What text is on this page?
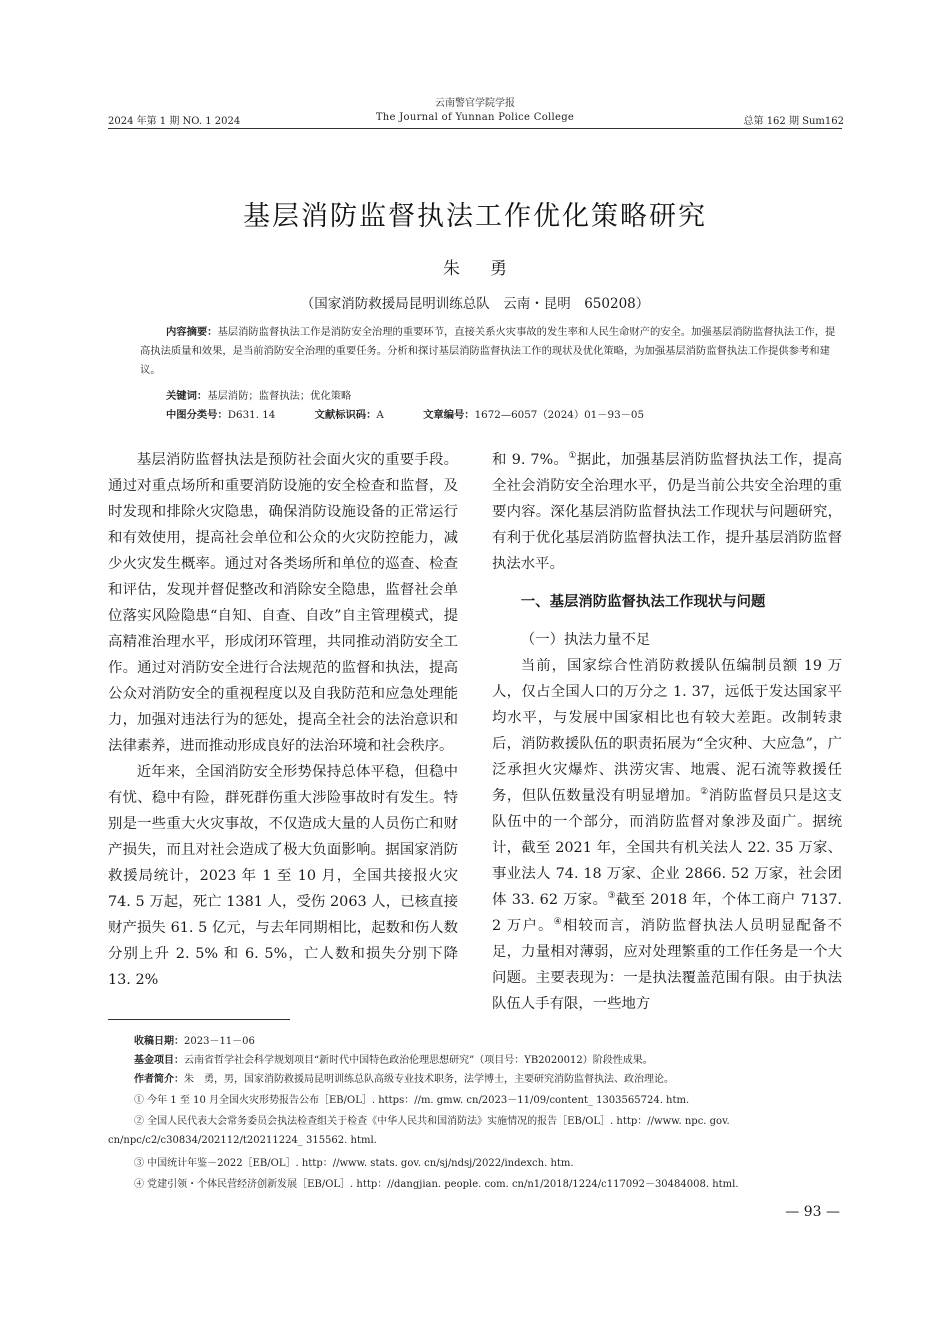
云南警官学院学报
The Journal of Yunnan Police College
2024 年第 1 期 NO. 1 2024	总第 162 期 Sum162
基层消防监督执法工作优化策略研究
朱勇
（国家消防救援局昆明训练总队　云南・昆明　650208）

内容摘要：基层消防监督执法工作是消防安全治理的重要环节，直接关系火灾事故的发生率和人民生命财产的安全。加强基层消防监督执法工作，提高执法质量和效果，是当前消防安全治理的重要任务。分析和探讨基层消防监督执法工作的现状及优化策略，为加强基层消防监督执法工作提供参考和建议。

关键词：基层消防；监督执法；优化策略
中图分类号：D631. 14	文献标识码：A	文章编号：1672—6057（2024）01－93－05

基层消防监督执法是预防社会面火灾的重要手段。通过对重点场所和重要消防设施的安全检查和监督，及时发现和排除火灾隐患，确保消防设施设备的正常运行和有效使用，提高社会单位和公众的火灾防控能力，减少火灾发生概率。通过对各类场所和单位的巡查、检查和评估，发现并督促整改和消除安全隐患，监督社会单位落实风险隐患“自知、自查、自改”自主管理模式，提高精准治理水平，形成闭环管理，共同推动消防安全工作。通过对消防安全进行合法规范的监督和执法，提高公众对消防安全的重视程度以及自我防范和应急处理能力，加强对违法行为的惩处，提高全社会的法治意识和法律素养，进而推动形成良好的法治环境和社会秩序。

近年来，全国消防安全形势保持总体平稳，但稳中有忧、稳中有险，群死群伤重大涉险事故时有发生。特别是一些重大火灾事故，不仅造成大量的人员伤亡和财产损失，而且对社会造成了极大负面影响。据国家消防救援局统计，2023 年 1 至 10 月，全国共接报火灾 74. 5 万起，死亡 1381 人，受伤 2063 人，已核直接财产损失 61. 5 亿元，与去年同期相比，起数和伤人数分别上升 2. 5% 和 6. 5%，亡人数和损失分别下降 13. 2%

和 9. 7%。①据此，加强基层消防监督执法工作，提高全社会消防安全治理水平，仍是当前公共安全治理的重要内容。深化基层消防监督执法工作现状与问题研究，有利于优化基层消防监督执法工作，提升基层消防监督执法水平。

一、基层消防监督执法工作现状与问题
（一）执法力量不足

当前，国家综合性消防救援队伍编制员额 19 万人，仅占全国人口的万分之 1. 37，远低于发达国家平均水平，与发展中国家相比也有较大差距。改制转隶后，消防救援队伍的职责拓展为“全灾种、大应急”，广泛承担火灾爆炸、洪涝灾害、地震、泥石流等救援任务，但队伍数量没有明显增加。②消防监督员只是这支队伍中的一个部分，而消防监督对象涉及面广。据统计，截至 2021 年，全国共有机关法人 22. 35 万家、事业法人 74. 18 万家、企业 2866. 52 万家，社会团体 33. 62 万家。③截至 2018 年，个体工商户 7137. 2 万户。④相较而言，消防监督执法人员明显配备不足，力量相对薄弱，应对处理繁重的工作任务是一个大问题。主要表现为：一是执法覆盖范围有限。由于执法队伍人手有限，一些地方

收稿日期：2023－11－06
基金项目：云南省哲学社会科学规划项目“新时代中国特色政治伦理思想研究”（项目号：YB2020012）阶段性成果。
作者简介：朱　勇，男，国家消防救援局昆明训练总队高级专业技术职务，法学博士，主要研究消防监督执法、政治理论。
① 今年 1 至 10 月全国火灾形势报告公布［EB/OL］. https：//m. gmw. cn/2023－11/09/content_ 1303565724. htm.
② 全国人民代表大会常务委员会执法检查组关于检查《中华人民共和国消防法》实施情况的报告［EB/OL］. http：//www. npc. gov. cn/npc/c2/c30834/202112/t20211224_ 315562. html.
③ 中国统计年鉴－2022［EB/OL］. http：//www. stats. gov. cn/sj/ndsj/2022/indexch. htm.
④ 党建引领・个体民营经济创新发展［EB/OL］. http：//dangjian. people. com. cn/n1/2018/1224/c117092－30484008. html.
— 93 —
